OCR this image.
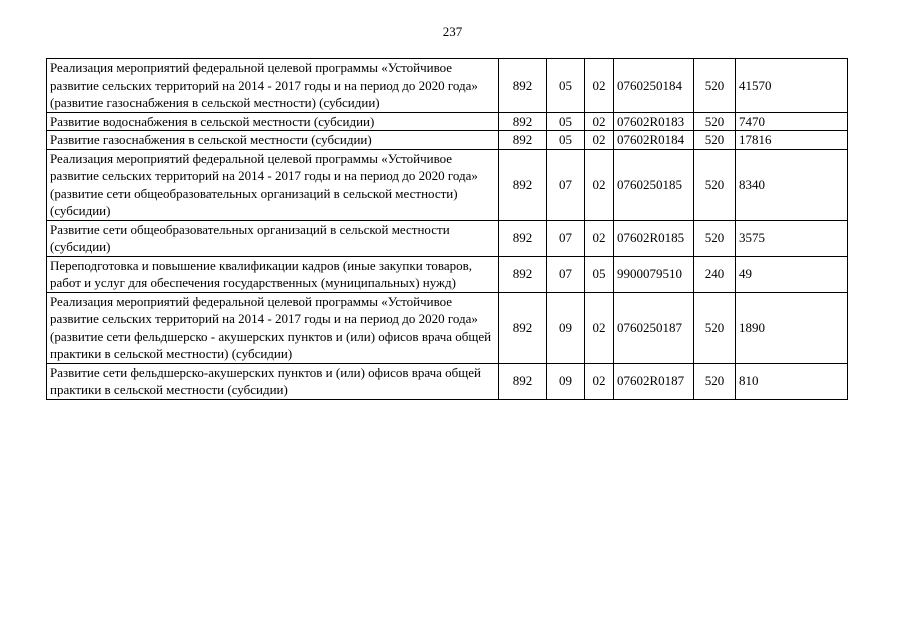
237
Реализация мероприятий федеральной целевой программы «Устойчивое развитие сельских территорий на 2014 - 2017 годы и на период до 2020 года» (развитие газоснабжения в сельской местности) (субсидии)	892	05	02	0760250184	520	41570
Развитие водоснабжения в сельской местности (субсидии)	892	05	02	07602R0183	520	7470
Развитие газоснабжения в сельской местности (субсидии)	892	05	02	07602R0184	520	17816
Реализация мероприятий федеральной целевой программы «Устойчивое развитие сельских территорий на 2014 - 2017 годы и на период до 2020 года» (развитие сети общеобразовательных организаций в сельской местности) (субсидии)	892	07	02	0760250185	520	8340
Развитие сети общеобразовательных организаций в сельской местности (субсидии)	892	07	02	07602R0185	520	3575
Переподготовка и повышение квалификации кадров (иные закупки товаров, работ и услуг для обеспечения государственных (муниципальных) нужд)	892	07	05	9900079510	240	49
Реализация мероприятий федеральной целевой программы «Устойчивое развитие сельских территорий на 2014 - 2017 годы и на период до 2020 года» (развитие сети фельдшерско - акушерских пунктов и (или) офисов врача общей практики в сельской местности) (субсидии)	892	09	02	0760250187	520	1890
Развитие сети фельдшерско-акушерских пунктов и (или) офисов врача общей практики в сельской местности (субсидии)	892	09	02	07602R0187	520	810
